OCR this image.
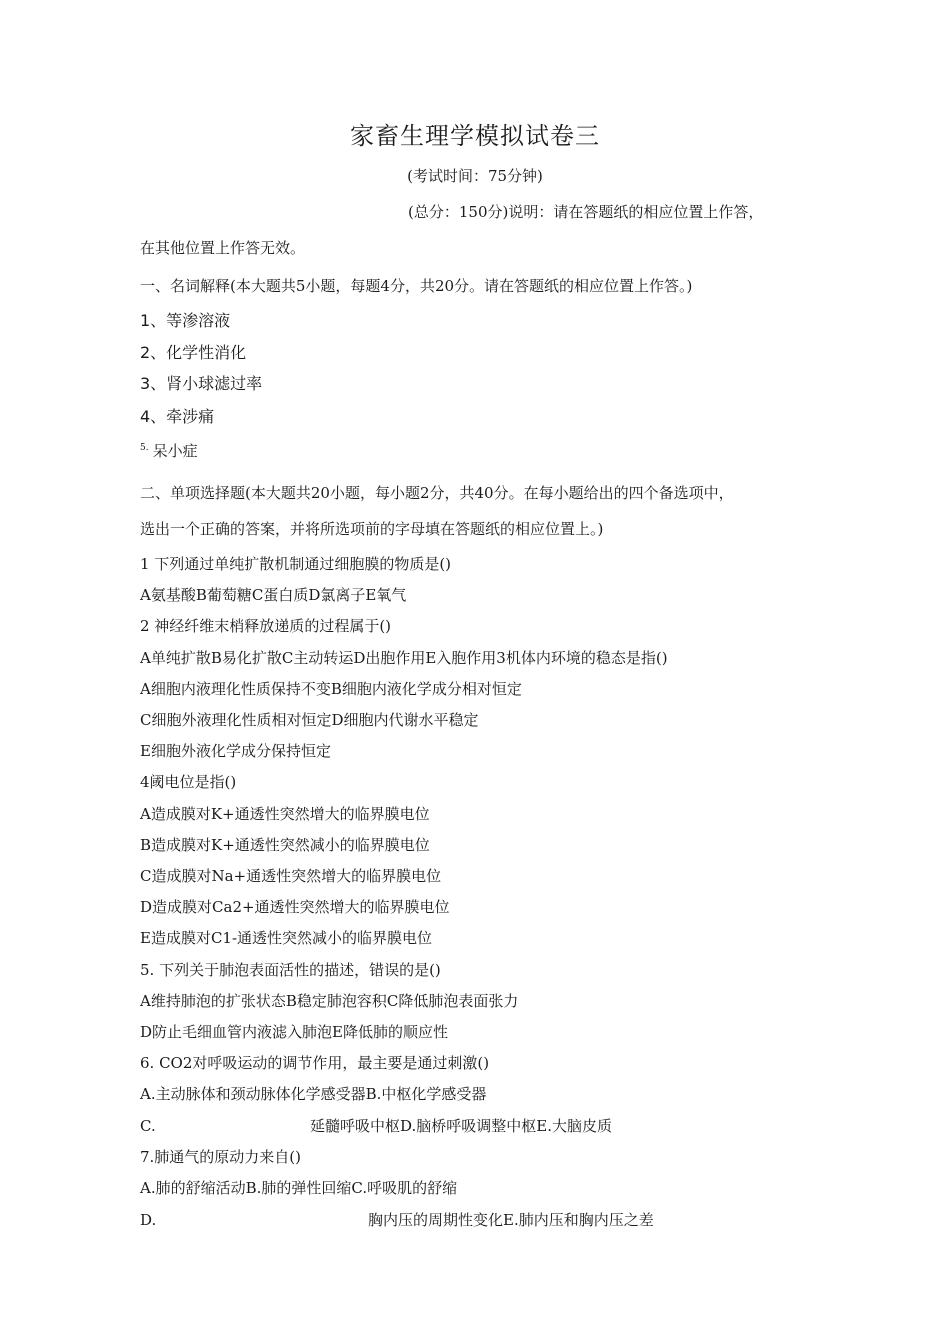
家畜生理学模拟试卷三
(考试时间：75分钟)
(总分：150分)说明：请在答题纸的相应位置上作答，
在其他位置上作答无效。
一、名词解释(本大题共5小题，每题4分，共20分。请在答题纸的相应位置上作答。)
1、等渗溶液
2、化学性消化
3、肾小球滤过率
4、牵涉痛
$^{5.}$ 呆小症
二、单项选择题(本大题共20小题，每小题2分，共40分。在每小题给出的四个备选项中，
选出一个正确的答案，并将所选项前的字母填在答题纸的相应位置上。)
1 下列通过单纯扩散机制通过细胞膜的物质是()
A氨基酸B葡萄糖C蛋白质D氯离子E氧气
2 神经纤维末梢释放递质的过程属于()
A单纯扩散B易化扩散C主动转运D出胞作用E入胞作用3机体内环境的稳态是指()
A细胞内液理化性质保持不变B细胞内液化学成分相对恒定
C细胞外液理化性质相对恒定D细胞内代谢水平稳定
E细胞外液化学成分保持恒定
4阈电位是指()
A造成膜对K+通透性突然增大的临界膜电位
B造成膜对K+通透性突然减小的临界膜电位
C造成膜对Na+通透性突然增大的临界膜电位
D造成膜对Ca2+通透性突然增大的临界膜电位
E造成膜对C1-通透性突然减小的临界膜电位
5. 下列关于肺泡表面活性的描述，错误的是()
A维持肺泡的扩张状态B稳定肺泡容积C降低肺泡表面张力
D防止毛细血管内液滤入肺泡E降低肺的顺应性
6. CO2对呼吸运动的调节作用，最主要是通过刺激()
A.主动脉体和颈动脉体化学感受器B.中枢化学感受器
C.	延髓呼吸中枢D.脑桥呼吸调整中枢E.大脑皮质
7.肺通气的原动力来自()
A.肺的舒缩活动B.肺的弹性回缩C.呼吸肌的舒缩
D.	胸内压的周期性变化E.肺内压和胸内压之差
